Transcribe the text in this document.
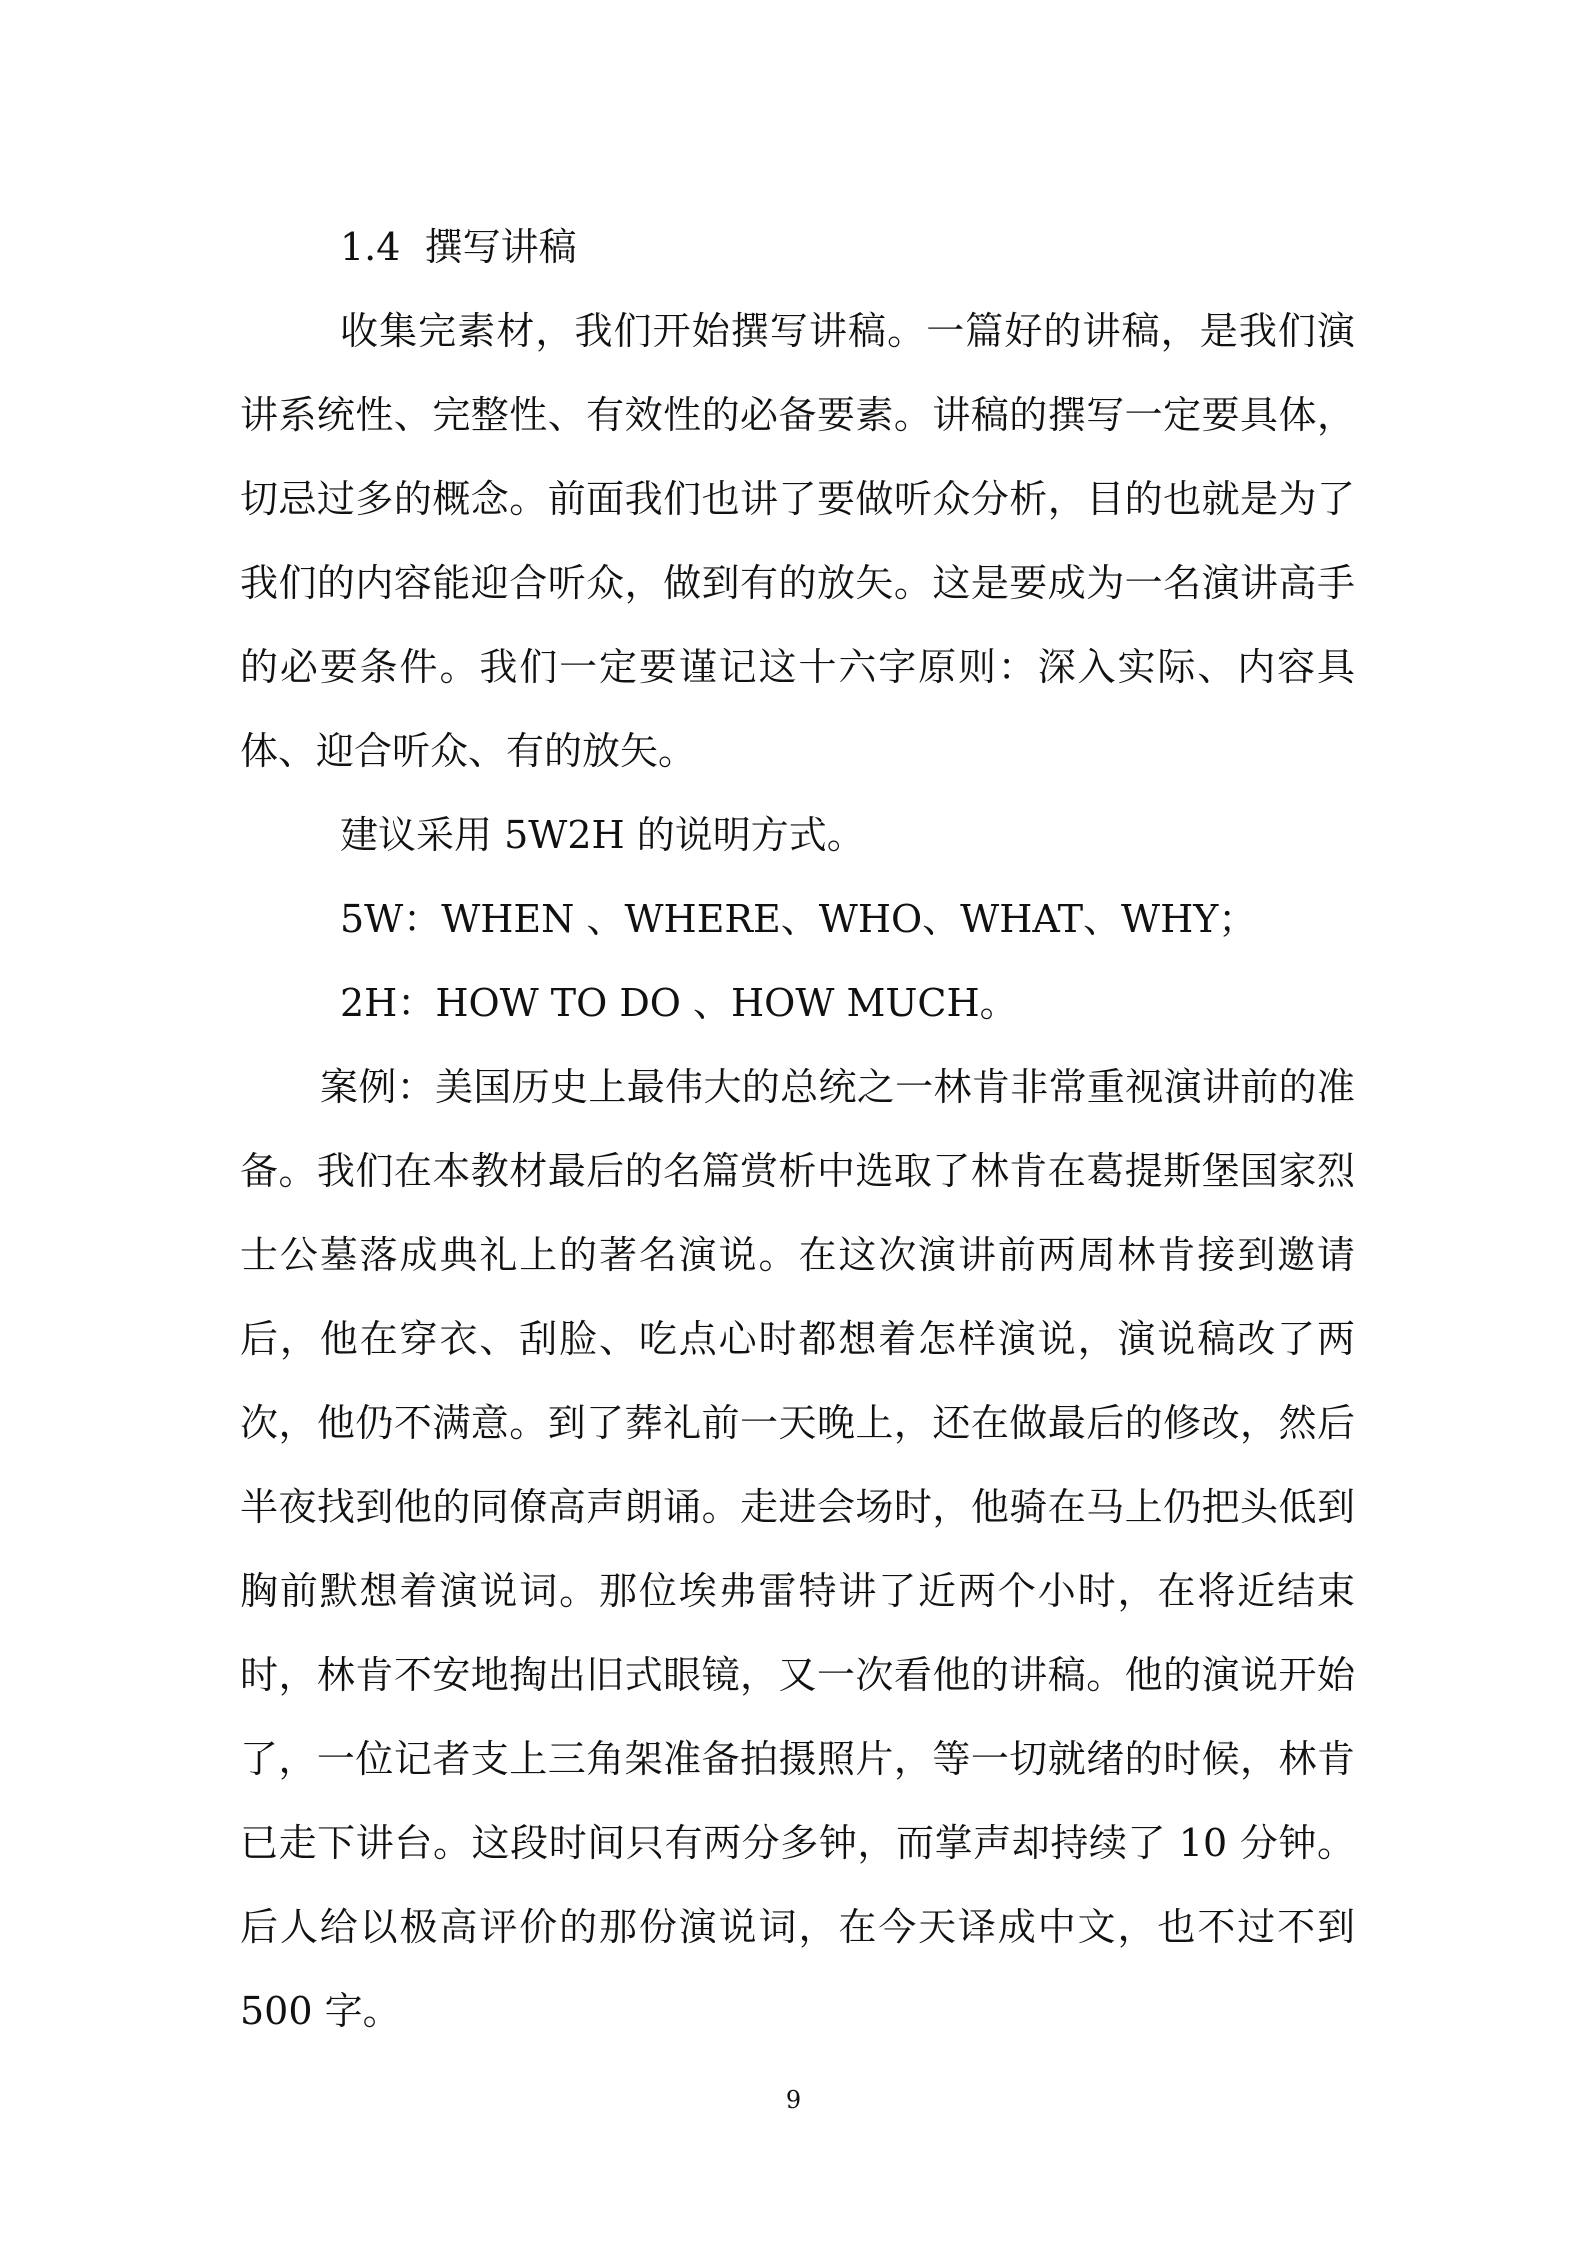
1.4 撰写讲稿

收集完素材，我们开始撰写讲稿。一篇好的讲稿，是我们演讲系统性、完整性、有效性的必备要素。讲稿的撰写一定要具体，切忌过多的概念。前面我们也讲了要做听众分析，目的也就是为了我们的内容能迎合听众，做到有的放矢。这是要成为一名演讲高手的必要条件。我们一定要谨记这十六字原则：深入实际、内容具体、迎合听众、有的放矢。

建议采用 5W2H 的说明方式。

5W：WHEN 、WHERE、WHO、WHAT、WHY；

2H：HOW TO DO 、HOW MUCH。

案例：美国历史上最伟大的总统之一林肯非常重视演讲前的准备。我们在本教材最后的名篇赏析中选取了林肯在葛提斯堡国家烈士公墓落成典礼上的著名演说。在这次演讲前两周林肯接到邀请后，他在穿衣、刮脸、吃点心时都想着怎样演说，演说稿改了两次，他仍不满意。到了葬礼前一天晚上，还在做最后的修改，然后半夜找到他的同僚高声朗诵。走进会场时，他骑在马上仍把头低到胸前默想着演说词。那位埃弗雷特讲了近两个小时，在将近结束时，林肯不安地掏出旧式眼镜，又一次看他的讲稿。他的演说开始了，一位记者支上三角架准备拍摄照片，等一切就绪的时候，林肯已走下讲台。这段时间只有两分多钟，而掌声却持续了 10 分钟。后人给以极高评价的那份演说词，在今天译成中文，也不过不到 500 字。

9
